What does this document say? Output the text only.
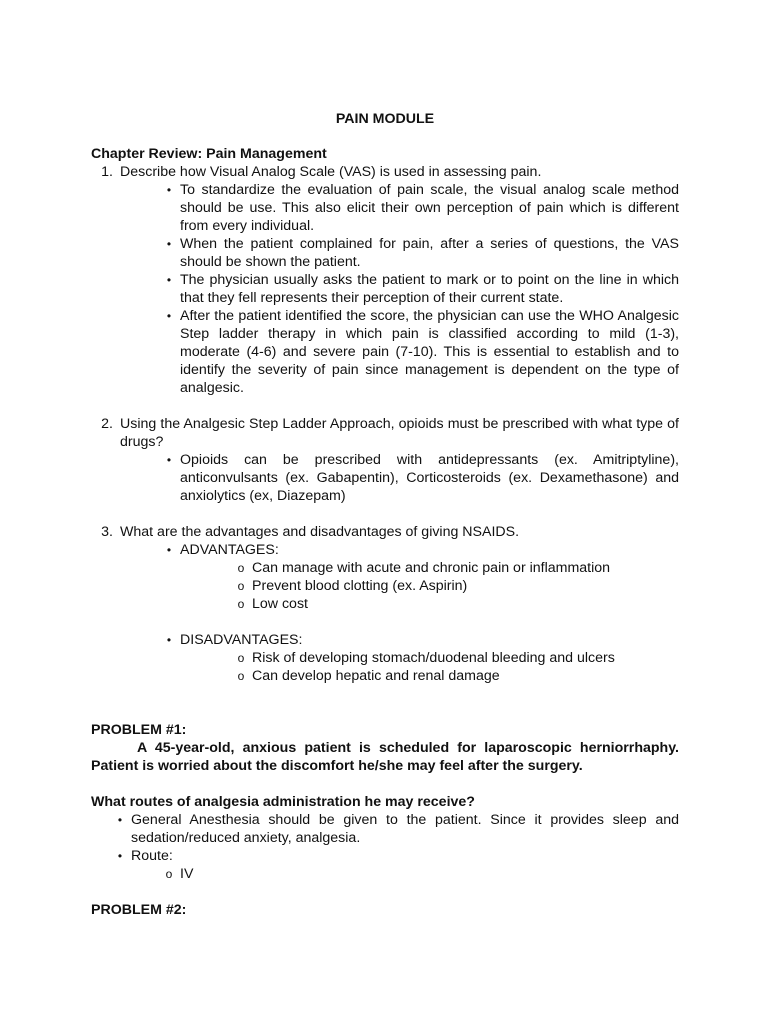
PAIN MODULE
Chapter Review: Pain Management
1. Describe how Visual Analog Scale (VAS) is used in assessing pain.
• To standardize the evaluation of pain scale, the visual analog scale method should be use. This also elicit their own perception of pain which is different from every individual.
• When the patient complained for pain, after a series of questions, the VAS should be shown the patient.
• The physician usually asks the patient to mark or to point on the line in which that they fell represents their perception of their current state.
• After the patient identified the score, the physician can use the WHO Analgesic Step ladder therapy in which pain is classified according to mild (1-3), moderate (4-6) and severe pain (7-10). This is essential to establish and to identify the severity of pain since management is dependent on the type of analgesic.
2. Using the Analgesic Step Ladder Approach, opioids must be prescribed with what type of drugs?
• Opioids can be prescribed with antidepressants (ex. Amitriptyline), anticonvulsants (ex. Gabapentin), Corticosteroids (ex. Dexamethasone) and anxiolytics (ex, Diazepam)
3. What are the advantages and disadvantages of giving NSAIDS.
• ADVANTAGES:
o Can manage with acute and chronic pain or inflammation
o Prevent blood clotting (ex. Aspirin)
o Low cost
• DISADVANTAGES:
o Risk of developing stomach/duodenal bleeding and ulcers
o Can develop hepatic and renal damage
PROBLEM #1:
A 45-year-old, anxious patient is scheduled for laparoscopic herniorrhaphy. Patient is worried about the discomfort he/she may feel after the surgery.
What routes of analgesia administration he may receive?
• General Anesthesia should be given to the patient. Since it provides sleep and sedation/reduced anxiety, analgesia.
• Route:
o IV
PROBLEM #2:
